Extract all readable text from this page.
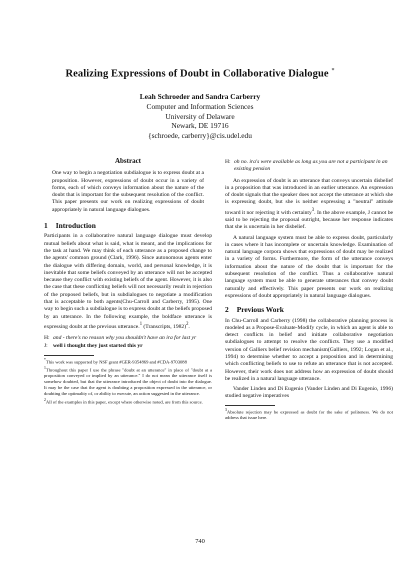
Realizing Expressions of Doubt in Collaborative Dialogue *
Leah Schroeder and Sandra Carberry
Computer and Information Sciences
University of Delaware
Newark, DE 19716
{schroede, carberry}@cis.udel.edu
Abstract
One way to begin a negotiation subdialogue is to express doubt at a proposition. However, expressions of doubt occur in a variety of forms, each of which conveys information about the nature of the doubt that is important for the subsequent resolution of the conflict. This paper presents our work on realizing expressions of doubt appropriately in natural language dialogues.
1 Introduction

Participants in a collaborative natural language dialogue must develop mutual beliefs about what is said, what is meant, and the implications for the task at hand. We may think of each utterance as a proposed change to the agents' common ground (Clark, 1996). Since autonomous agents enter the dialogue with differing domain, world, and personal knowledge, it is inevitable that some beliefs conveyed by an utterance will not be accepted because they conflict with existing beliefs of the agent. However, it is also the case that these conflicting beliefs will not necessarily result in rejection of the proposed beliefs, but in subdialogues to negotiate a modification that is acceptable to both agents(Chu-Carroll and Carberry, 1995). One way to begin such a subdialogue is to express doubt at the beliefs proposed by an utterance. In the following example, the boldface utterance is expressing doubt at the previous utterance.$^1$ (Transcripts, 1982)$^2$.

H: and - there's no reason why you shouldn't have an ira for last yr
J: well i thought they just started this yr
*This work was supported by NSF grant #GER-9354869 and #CDA-9703088
$^1$Throughout this paper I use the phrase "doubt at an utterance" in place of "doubt at a proposition conveyed or implied by an utterance." I do not mean the utterance itself is somehow doubted, but that the utterance introduced the object of doubt into the dialogue. It may be the case that the agent is doubting a proposition expressed in the utterance, or doubting the optimality of, or ability to execute, an action suggested in the utterance.
$^2$All of the examples in this paper, except where otherwise noted, are from this source.
H: oh no. ira's were available as long as you are not a participant in an existing pension

An expression of doubt is an utterance that conveys uncertain disbelief in a proposition that was introduced in an earlier utterance. An expression of doubt signals that the speaker does not accept the utterance at which she is expressing doubt, but she is neither expressing a "neutral" attitude toward it nor rejecting it with certainty$^3$. In the above example, J cannot be said to be rejecting the proposal outright, because her response indicates that she is uncertain in her disbelief.

A natural language system must be able to express doubt, particularly in cases where it has incomplete or uncertain knowledge. Examination of natural language corpora shows that expressions of doubt may be realized in a variety of forms. Furthermore, the form of the utterance conveys information about the nature of the doubt that is important for the subsequent resolution of the conflict. Thus a collaborative natural language system must be able to generate utterances that convey doubt naturally and effectively. This paper presents our work on realizing expressions of doubt appropriately in natural language dialogues.

2 Previous Work

In Chu-Carroll and Carberry (1998) the collaborative planning process is modeled as a Propose-Evaluate-Modify cycle, in which an agent is able to detect conflicts in belief and initiate collaborative negotiation subdialogues to attempt to resolve the conflicts. They use a modified version of Galliers belief revision mechanism(Galliers, 1992; Logan et al., 1994) to determine whether to accept a proposition and in determining which conflicting beliefs to use to refute an utterance that is not accepted. However, their work does not address how an expression of doubt should be realized in a natural language utterance.

Vander Linden and Di Eugenio (Vander Linden and Di Eugenio, 1996) studied negative imperatives

$^3$Absolute rejection may be expressed as doubt for the sake of politeness. We do not address that issue here.
740
